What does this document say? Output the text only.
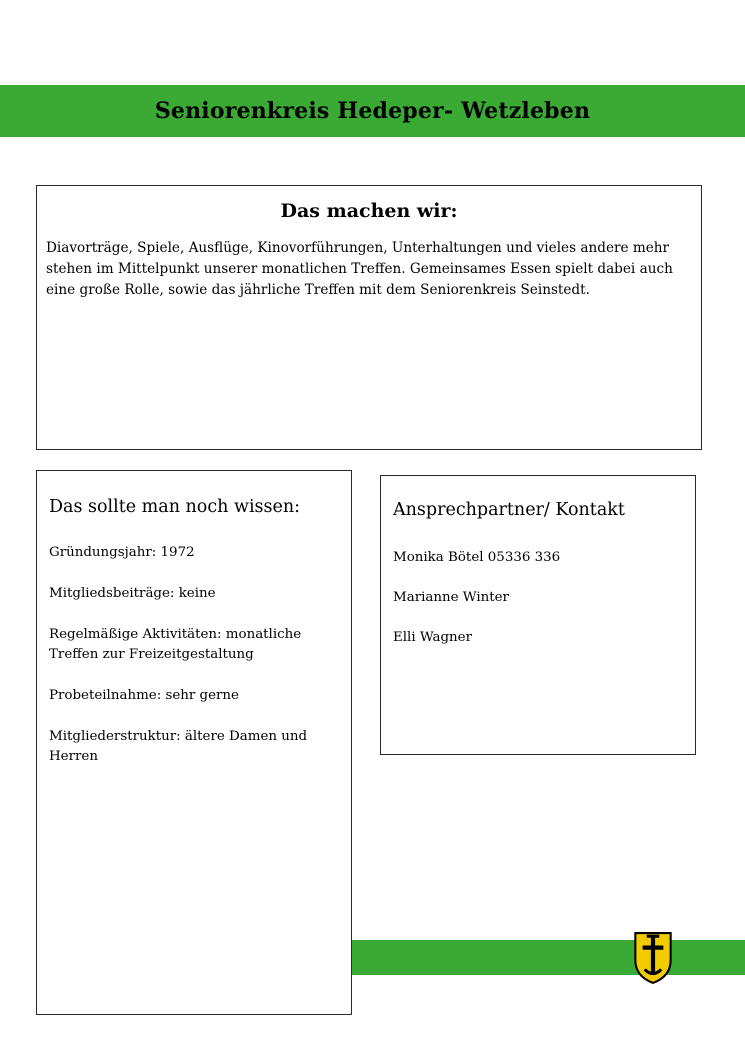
Seniorenkreis Hedeper- Wetzleben
Das machen wir:

Diavorträge, Spiele, Ausflüge, Kinovorführungen, Unterhaltungen und vieles andere mehr stehen im Mittelpunkt unserer monatlichen Treffen. Gemeinsames Essen spielt dabei auch eine große Rolle, sowie das jährliche Treffen mit dem Seniorenkreis Seinstedt.

Das sollte man noch wissen:

Gründungsjahr: 1972

Mitgliedsbeiträge: keine

Regelmäßige Aktivitäten: monatliche Treffen zur Freizeitgestaltung

Probeteilnahme: sehr gerne

Mitgliederstruktur: ältere Damen und Herren

Ansprechpartner/ Kontakt

Monika Bötel 05336 336

Marianne Winter

Elli Wagner
